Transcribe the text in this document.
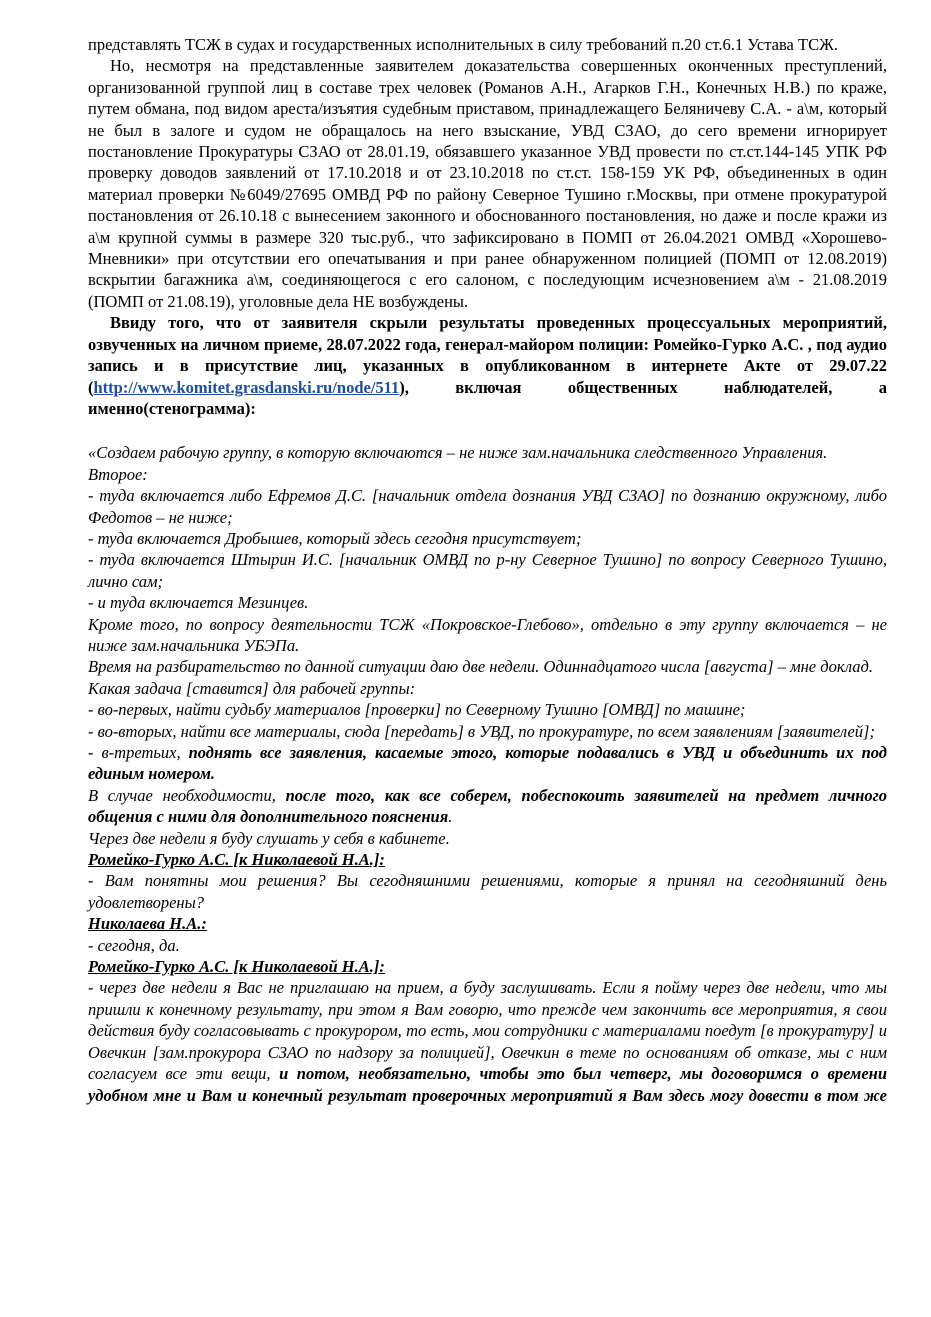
представлять ТСЖ в судах и государственных исполнительных в силу требований п.20 ст.6.1 Устава ТСЖ.

Но, несмотря на представленные заявителем доказательства совершенных оконченных преступлений, организованной группой лиц в составе трех человек (Романов А.Н., Агарков Г.Н., Конечных Н.В.) по краже, путем обмана, под видом ареста/изъятия судебным приставом, принадлежащего Беляничеву С.А. - а\м, который не был в залоге и судом не обращалось на него взыскание, УВД СЗАО, до сего времени игнорирует постановление Прокуратуры СЗАО от 28.01.19, обязавшего указанное УВД провести по ст.ст.144-145 УПК РФ проверку доводов заявлений от 17.10.2018 и от 23.10.2018 по ст.ст. 158-159 УК РФ, объединенных в один материал проверки №6049/27695 ОМВД РФ по району Северное Тушино г.Москвы, при отмене прокуратурой постановления от 26.10.18 с вынесением законного и обоснованного постановления, но даже и после кражи из а\м крупной суммы в размере 320 тыс.руб., что зафиксировано в ПОМП от 26.04.2021 ОМВД «Хорошево-Мневники» при отсутствии его опечатывания и при ранее обнаруженном полицией (ПОМП от 12.08.2019) вскрытии багажника а\м, соединяющегося с его салоном, с последующим исчезновением а\м - 21.08.2019 (ПОМП от 21.08.19), уголовные дела НЕ возбуждены.

Ввиду того, что от заявителя скрыли результаты проведенных процессуальных мероприятий, озвученных на личном приеме, 28.07.2022 года, генерал-майором полиции: Ромейко-Гурко А.С. , под аудио запись и в присутствие лиц, указанных в опубликованном в интернете Акте от 29.07.22 (http://www.komitet.grasdanski.ru/node/511), включая общественных наблюдателей, а именно(стенограмма):

«Создаем рабочую группу, в которую включаются – не ниже зам.начальника следственного Управления.

Второе:

- туда включается либо Ефремов Д.С. [начальник отдела дознания УВД СЗАО] по дознанию окружному, либо Федотов – не ниже;

- туда включается Дробышев, который здесь сегодня присутствует;

- туда включается Штырин И.С. [начальник ОМВД по р-ну Северное Тушино] по вопросу Северного Тушино, лично сам;

- и туда включается Мезинцев.

Кроме того, по вопросу деятельности ТСЖ «Покровское-Глебово», отдельно в эту группу включается – не ниже зам.начальника УБЭПа.

Время на разбирательство по данной ситуации даю две недели. Одиннадцатого числа [августа] – мне доклад.

Какая задача [ставится] для рабочей группы:

- во-первых, найти судьбу материалов [проверки] по Северному Тушино [ОМВД] по машине;

- во-вторых, найти все материалы, сюда [передать] в УВД, по прокуратуре, по всем заявлениям [заявителей];

- в-третьих, поднять все заявления, касаемые этого, которые подавались в УВД и объединить их под единым номером.

В случае необходимости, после того, как все соберем, побеспокоить заявителей на предмет личного общения с ними для дополнительного пояснения.

Через две недели я буду слушать у себя в кабинете.

Ромейко-Гурко А.С. [к Николаевой Н.А.]:

- Вам понятны мои решения? Вы сегодняшними решениями, которые я принял на сегодняшний день удовлетворены?

Николаева Н.А.:

- сегодня, да.

Ромейко-Гурко А.С. [к Николаевой Н.А.]:

- через две недели я Вас не приглашаю на прием, а буду заслушивать. Если я пойму через две недели, что мы пришли к конечному результату, при этом я Вам говорю, что прежде чем закончить все мероприятия, я свои действия буду согласовывать с прокурором, то есть, мои сотрудники с материалами поедут [в прокуратуру] и Овечкин [зам.прокурора СЗАО по надзору за полицией], Овечкин в теме по основаниям об отказе, мы с ним согласуем все эти вещи, и потом, необязательно, чтобы это был четверг, мы договоримся о времени удобном мне и Вам и конечный результат проверочных мероприятий я Вам здесь могу довести в том же
